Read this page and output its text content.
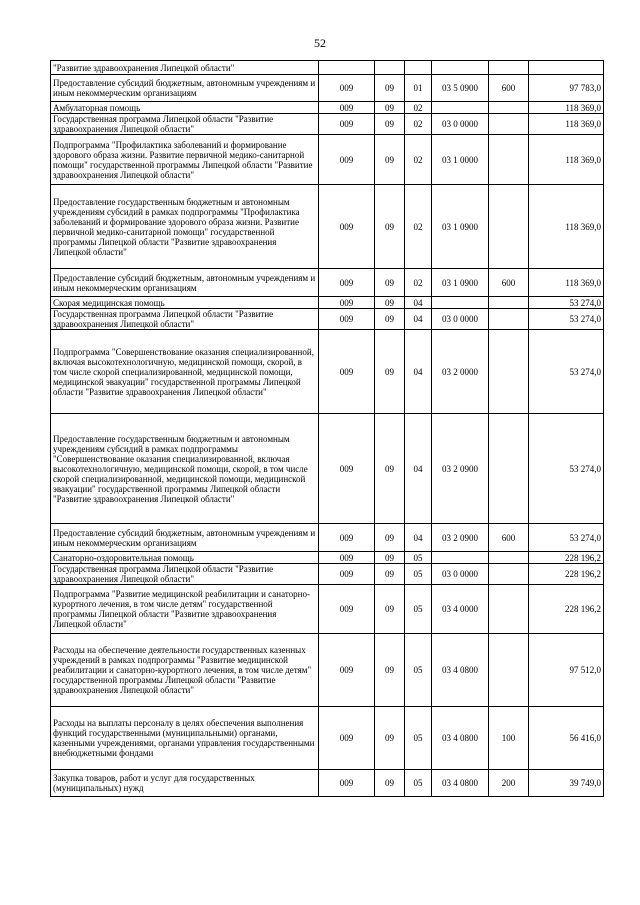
52
"Развитие здравоохранения Липецкой области"						
Предоставление субсидий бюджетным, автономным учреждениям и иным некоммерческим организациям	009	09	01	03 5 0900	600	97 783,0
Амбулаторная помощь	009	09	02			118 369,0
Государственная программа Липецкой области "Развитие здравоохранения Липецкой области"	009	09	02	03 0 0000		118 369,0
Подпрограмма "Профилактика заболеваний и формирование здорового образа жизни. Развитие первичной медико-санитарной помощи" государственной программы Липецкой области "Развитие здравоохранения Липецкой области"	009	09	02	03 1 0000		118 369,0
Предоставление государственным бюджетным и автономным учреждениям субсидий в рамках подпрограммы "Профилактика заболеваний и формирование здорового образа жизни. Развитие первичной медико-санитарной помощи" государственной программы Липецкой области "Развитие здравоохранения Липецкой области"	009	09	02	03 1 0900		118 369,0
Предоставление субсидий бюджетным, автономным учреждениям и иным некоммерческим организациям	009	09	02	03 1 0900	600	118 369,0
Скорая медицинская помощь	009	09	04			53 274,0
Государственная программа Липецкой области "Развитие здравоохранения Липецкой области"	009	09	04	03 0 0000		53 274,0
Подпрограмма "Совершенствование оказания специализированной, включая высокотехнологичную, медицинской помощи, скорой, в том числе скорой специализированной, медицинской помощи, медицинской эвакуации" государственной программы Липецкой области "Развитие здравоохранения Липецкой области"	009	09	04	03 2 0000		53 274,0
Предоставление государственным бюджетным и автономным учреждениям субсидий в рамках подпрограммы "Совершенствование оказания специализированной, включая высокотехнологичную, медицинской помощи, скорой, в том числе скорой специализированной, медицинской помощи, медицинской эвакуации" государственной программы Липецкой области "Развитие здравоохранения Липецкой области"	009	09	04	03 2 0900		53 274,0
Предоставление субсидий бюджетным, автономным учреждениям и иным некоммерческим организациям	009	09	04	03 2 0900	600	53 274,0
Санаторно-оздоровительная помощь	009	09	05			228 196,2
Государственная программа Липецкой области "Развитие здравоохранения Липецкой области"	009	09	05	03 0 0000		228 196,2
Подпрограмма "Развитие медицинской реабилитации и санаторно-курортного лечения, в том числе детям" государственной программы Липецкой области "Развитие здравоохранения Липецкой области"	009	09	05	03 4 0000		228 196,2
Расходы на обеспечение деятельности государственных казенных учреждений в рамках подпрограммы "Развитие медицинской реабилитации и санаторно-курортного лечения, в том числе детям" государственной программы Липецкой области "Развитие здравоохранения Липецкой области"	009	09	05	03 4 0800		97 512,0
Расходы на выплаты персоналу в целях обеспечения выполнения функций государственными (муниципальными) органами, казенными учреждениями, органами управления государственными внебюджетными фондами	009	09	05	03 4 0800	100	56 416,0
Закупка товаров, работ и услуг для государственных (муниципальных) нужд	009	09	05	03 4 0800	200	39 749,0
